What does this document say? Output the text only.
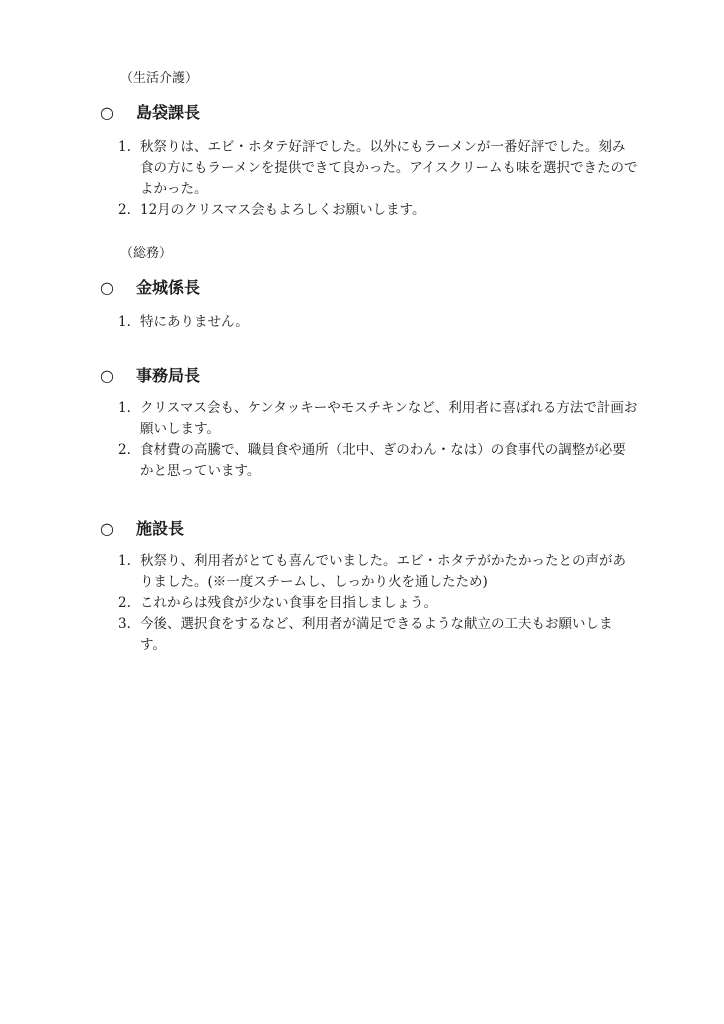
（生活介護）
○ 島袋課長
1. 秋祭りは、エビ・ホタテ好評でした。以外にもラーメンが一番好評でした。刻み食の方にもラーメンを提供できて良かった。アイスクリームも味を選択できたのでよかった。
2. 12月のクリスマス会もよろしくお願いします。
（総務）
○ 金城係長
1. 特にありません。
○ 事務局長
1. クリスマス会も、ケンタッキーやモスチキンなど、利用者に喜ばれる方法で計画お願いします。
2. 食材費の高騰で、職員食や通所（北中、ぎのわん・なは）の食事代の調整が必要かと思っています。
○ 施設長
1. 秋祭り、利用者がとても喜んでいました。エビ・ホタテがかたかったとの声がありました。(※一度スチームし、しっかり火を通したため)
2. これからは残食が少ない食事を目指しましょう。
3. 今後、選択食をするなど、利用者が満足できるような献立の工夫もお願いします。
